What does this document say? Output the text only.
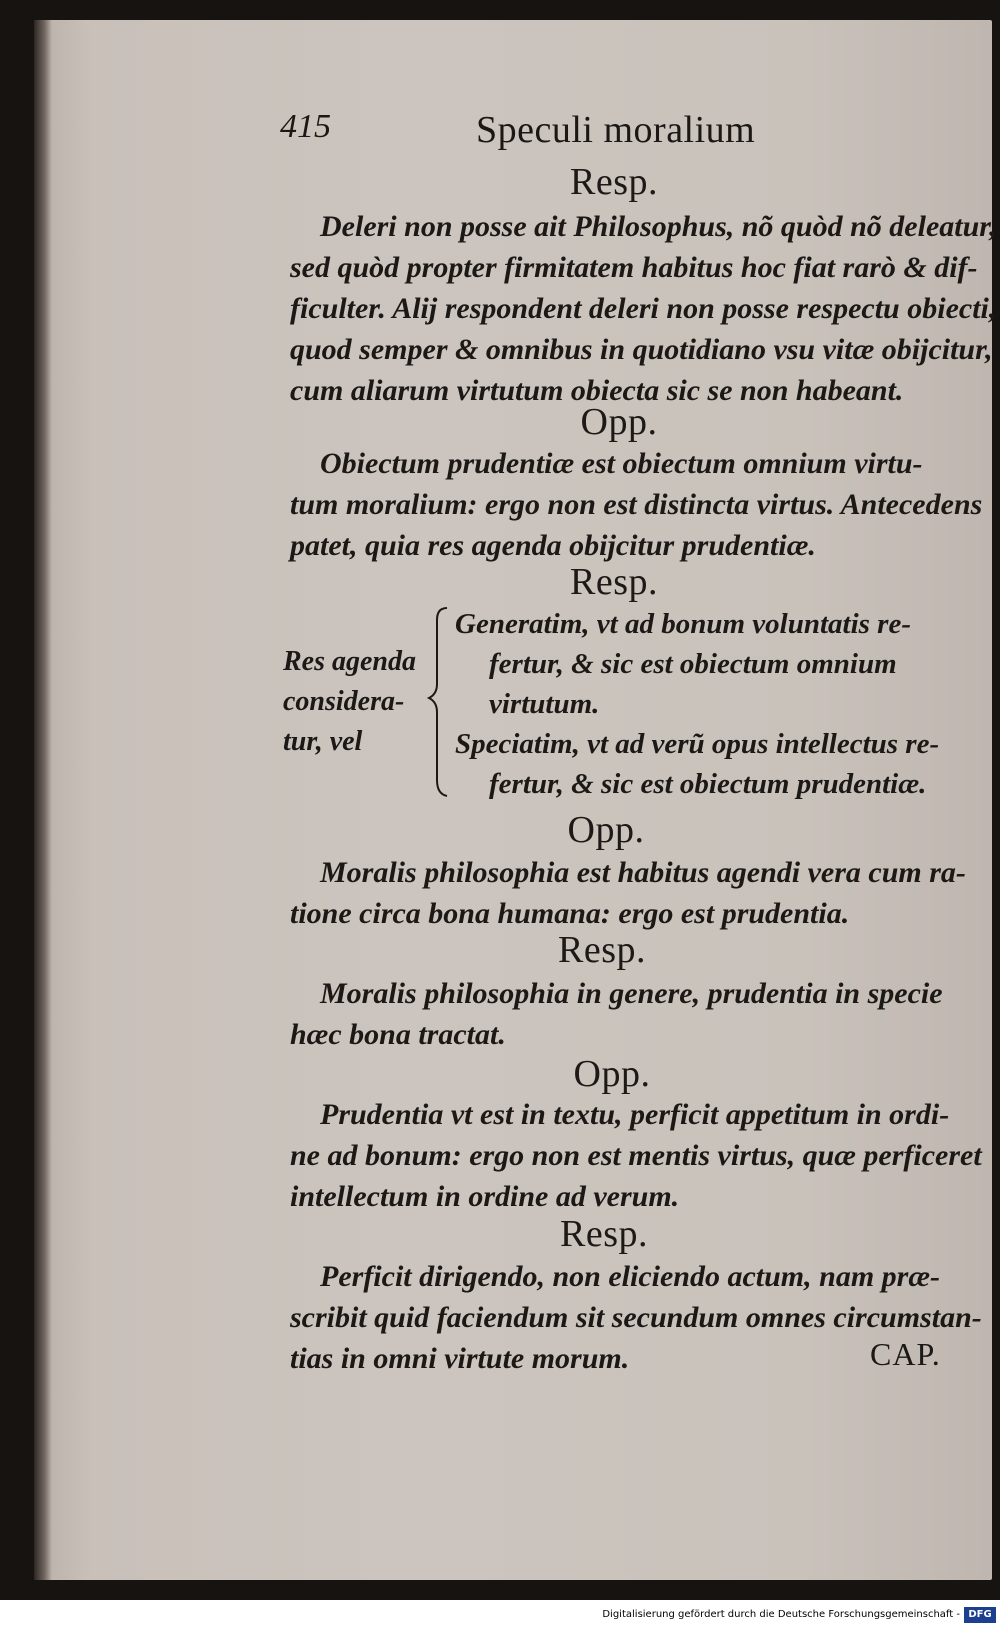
415	Speculi moralium
Resp.
Deleri non posse ait Philosophus, nõ quòd nõ deleatur,
sed quòd propter firmitatem habitus hoc fiat rarò & dif-
ficulter. Alij respondent deleri non posse respectu obiecti,
quod semper & omnibus in quotidiano vsu vitæ obijcitur,
cum aliarum virtutum obiecta sic se non habeant.
Opp.
Obiectum prudentiæ est obiectum omnium virtu-
tum moralium: ergo non est distincta virtus. Antecedens
patet, quia res agenda obijcitur prudentiæ.
Resp.
Res agenda
considera-
tur, vel
Generatim, vt ad bonum voluntatis re-
fertur, & sic est obiectum omnium
virtutum.
Speciatim, vt ad verũ opus intellectus re-
fertur, & sic est obiectum prudentiæ.
Opp.
Moralis philosophia est habitus agendi vera cum ra-
tione circa bona humana: ergo est prudentia.
Resp.
Moralis philosophia in genere, prudentia in specie
hæc bona tractat.
Opp.
Prudentia vt est in textu, perficit appetitum in ordi-
ne ad bonum: ergo non est mentis virtus, quæ perficeret
intellectum in ordine ad verum.
Resp.
Perficit dirigendo, non eliciendo actum, nam præ-
scribit quid faciendum sit secundum omnes circumstan-
tias in omni virtute morum.	CAP.
Digitalisierung gefördert durch die Deutsche Forschungsgemeinschaft - DFG
